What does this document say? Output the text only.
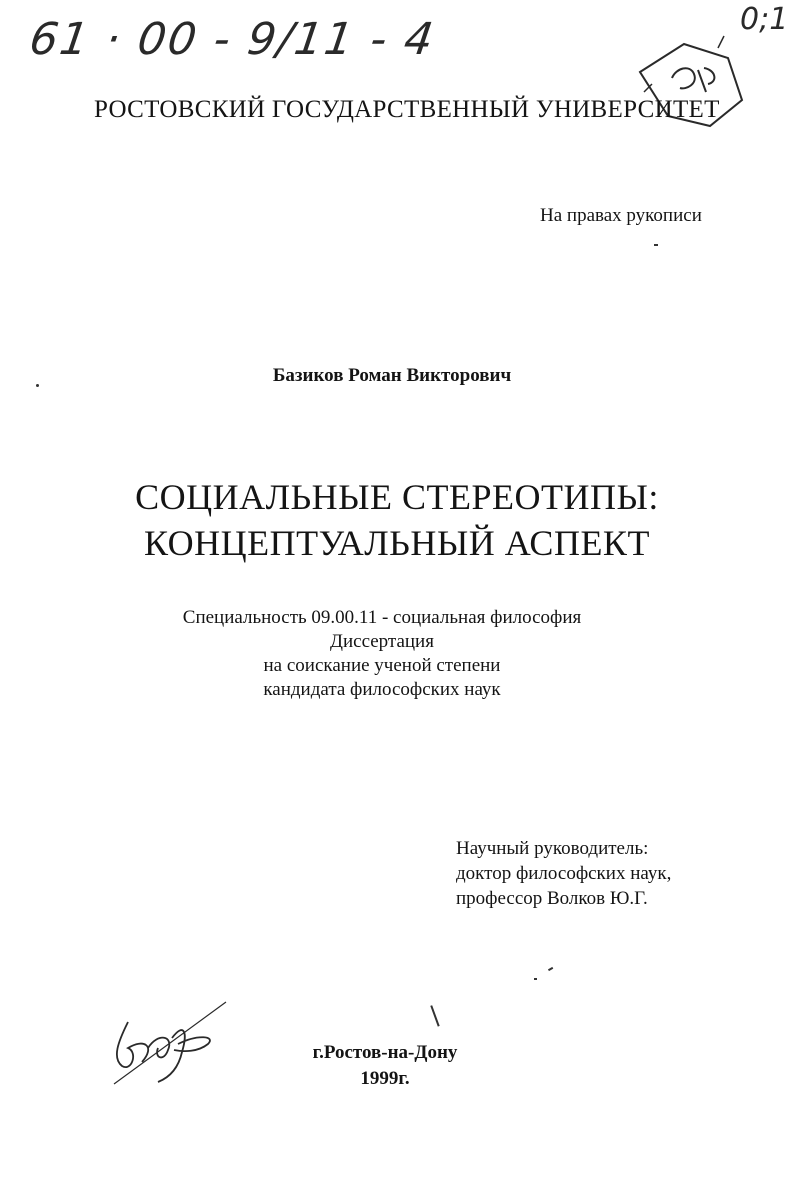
61 · 00 - 9/11 - 4	0;1
РОСТОВСКИЙ ГОСУДАРСТВЕННЫЙ УНИВЕРСИТЕТ
На правах рукописи
Базиков Роман Викторович
СОЦИАЛЬНЫЕ СТЕРЕОТИПЫ:
КОНЦЕПТУАЛЬНЫЙ АСПЕКТ
Специальность 09.00.11 - социальная философия
Диссертация
на соискание ученой степени
кандидата философских наук
Научный руководитель:
доктор философских наук,
профессор Волков Ю.Г.
г.Ростов-на-Дону
1999г.
